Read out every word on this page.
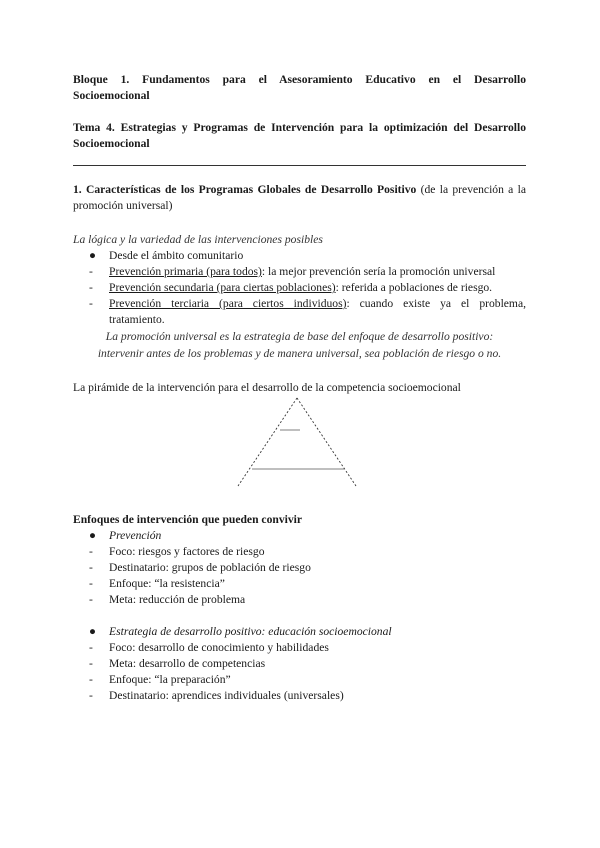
Bloque 1. Fundamentos para el Asesoramiento Educativo en el Desarrollo
Socioemocional
Tema 4. Estrategias y Programas de Intervención para la optimización del Desarrollo
Socioemocional
1. Características de los Programas Globales de Desarrollo Positivo (de la prevención a la
promoción universal)
La lógica y la variedad de las intervenciones posibles
● Desde el ámbito comunitario
- Prevención primaria (para todos): la mejor prevención sería la promoción universal
- Prevención secundaria (para ciertas poblaciones): referida a poblaciones de riesgo.
- Prevención terciaria (para ciertos individuos): cuando existe ya el problema,
tratamiento.
La promoción universal es la estrategia de base del enfoque de desarrollo positivo:
intervenir antes de los problemas y de manera universal, sea población de riesgo o no.
La pirámide de la intervención para el desarrollo de la competencia socioemocional
Enfoques de intervención que pueden convivir
● Prevención
- Foco: riesgos y factores de riesgo
- Destinatario: grupos de población de riesgo
- Enfoque: “la resistencia”
- Meta: reducción de problema
● Estrategia de desarrollo positivo: educación socioemocional
- Foco: desarrollo de conocimiento y habilidades
- Meta: desarrollo de competencias
- Enfoque: “la preparación”
- Destinatario: aprendices individuales (universales)
